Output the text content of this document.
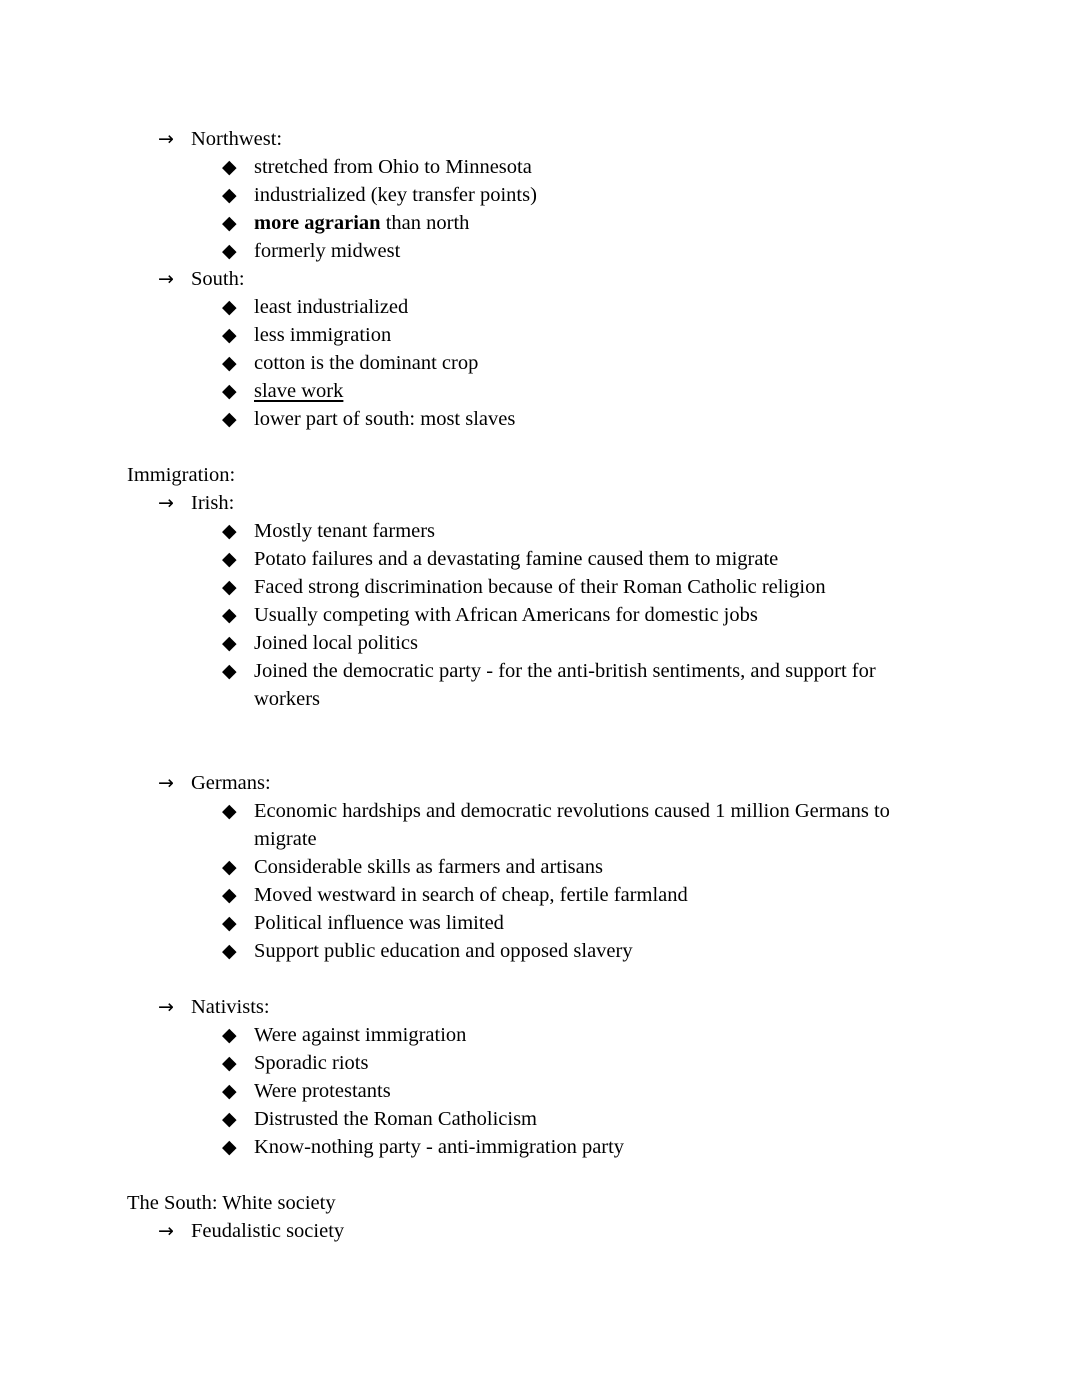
→ Northwest:
◆ stretched from Ohio to Minnesota
◆ industrialized (key transfer points)
◆ more agrarian than north
◆ formerly midwest
→ South:
◆ least industrialized
◆ less immigration
◆ cotton is the dominant crop
◆ slave work
◆ lower part of south: most slaves
Immigration:
→ Irish:
◆ Mostly tenant farmers
◆ Potato failures and a devastating famine caused them to migrate
◆ Faced strong discrimination because of their Roman Catholic religion
◆ Usually competing with African Americans for domestic jobs
◆ Joined local politics
◆ Joined the democratic party - for the anti-british sentiments, and support for
workers
→ Germans:
◆ Economic hardships and democratic revolutions caused 1 million Germans to
migrate
◆ Considerable skills as farmers and artisans
◆ Moved westward in search of cheap, fertile farmland
◆ Political influence was limited
◆ Support public education and opposed slavery
→ Nativists:
◆ Were against immigration
◆ Sporadic riots
◆ Were protestants
◆ Distrusted the Roman Catholicism
◆ Know-nothing party - anti-immigration party
The South: White society
→ Feudalistic society
